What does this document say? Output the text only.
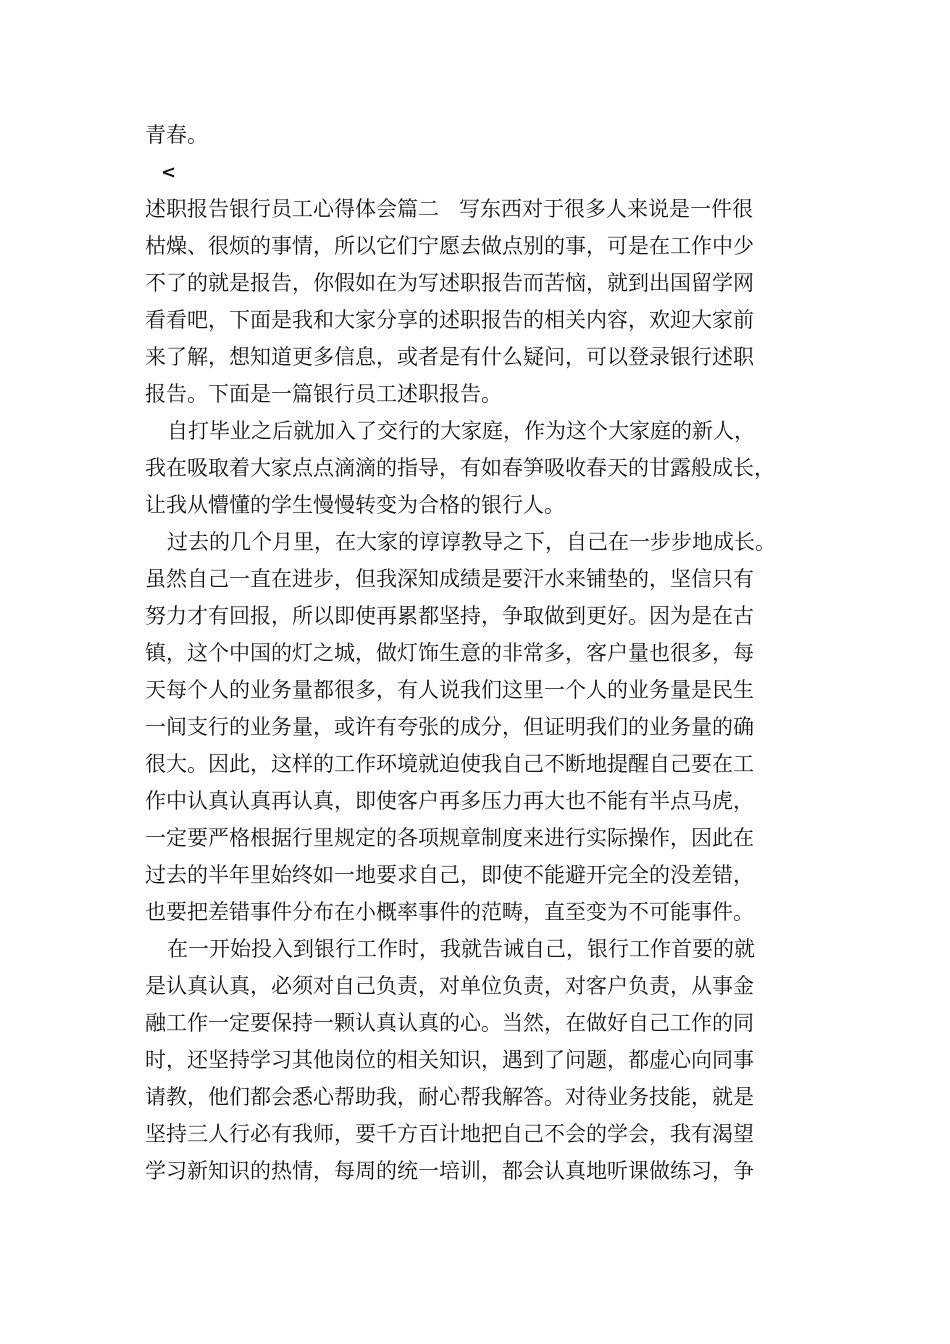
青春。
<
述职报告银行员工心得体会篇二 写东西对于很多人来说是一件很
枯燥、很烦的事情，所以它们宁愿去做点别的事，可是在工作中少
不了的就是报告，你假如在为写述职报告而苦恼，就到出国留学网
看看吧，下面是我和大家分享的述职报告的相关内容，欢迎大家前
来了解，想知道更多信息，或者是有什么疑问，可以登录银行述职
报告。下面是一篇银行员工述职报告。
自打毕业之后就加入了交行的大家庭，作为这个大家庭的新人，
我在吸取着大家点点滴滴的指导，有如春笋吸收春天的甘露般成长，
让我从懵懂的学生慢慢转变为合格的银行人。
过去的几个月里，在大家的谆谆教导之下，自己在一步步地成长。
虽然自己一直在进步，但我深知成绩是要汗水来铺垫的，坚信只有
努力才有回报，所以即使再累都坚持，争取做到更好。因为是在古
镇，这个中国的灯之城，做灯饰生意的非常多，客户量也很多，每
天每个人的业务量都很多，有人说我们这里一个人的业务量是民生
一间支行的业务量，或许有夸张的成分，但证明我们的业务量的确
很大。因此，这样的工作环境就迫使我自己不断地提醒自己要在工
作中认真认真再认真，即使客户再多压力再大也不能有半点马虎，
一定要严格根据行里规定的各项规章制度来进行实际操作，因此在
过去的半年里始终如一地要求自己，即使不能避开完全的没差错，
也要把差错事件分布在小概率事件的范畴，直至变为不可能事件。
在一开始投入到银行工作时，我就告诫自己，银行工作首要的就
是认真认真，必须对自己负责，对单位负责，对客户负责，从事金
融工作一定要保持一颗认真认真的心。当然，在做好自己工作的同
时，还坚持学习其他岗位的相关知识，遇到了问题，都虚心向同事
请教，他们都会悉心帮助我，耐心帮我解答。对待业务技能，就是
坚持三人行必有我师，要千方百计地把自己不会的学会，我有渴望
学习新知识的热情，每周的统一培训，都会认真地听课做练习，争
